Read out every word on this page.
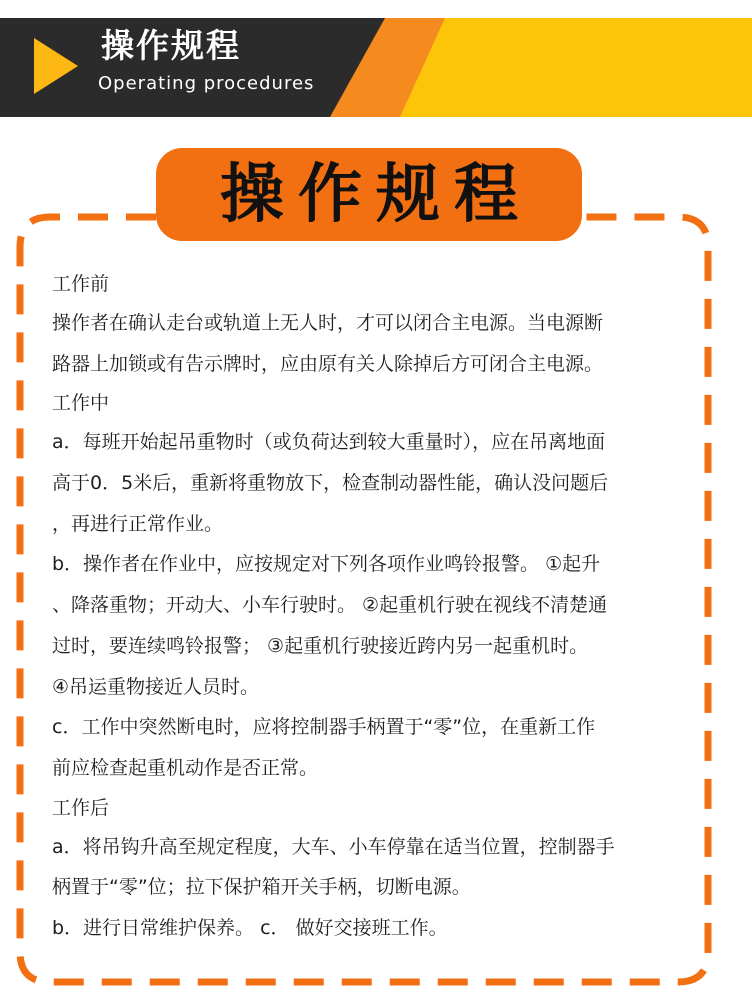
操作规程
Operating procedures
操作规程
工作前
操作者在确认走台或轨道上无人时，才可以闭合主电源。当电源断
路器上加锁或有告示牌时，应由原有关人除掉后方可闭合主电源。
工作中
a．每班开始起吊重物时（或负荷达到较大重量时），应在吊离地面
高于0．5米后，重新将重物放下，检查制动器性能，确认没问题后
，再进行正常作业。
b．操作者在作业中，应按规定对下列各项作业鸣铃报警。 ①起升
、降落重物；开动大、小车行驶时。 ②起重机行驶在视线不清楚通
过时，要连续鸣铃报警； ③起重机行驶接近跨内另一起重机时。
④吊运重物接近人员时。
c．工作中突然断电时，应将控制器手柄置于“零”位，在重新工作
前应检查起重机动作是否正常。
工作后
a．将吊钩升高至规定程度，大车、小车停靠在适当位置，控制器手
柄置于“零”位；拉下保护箱开关手柄，切断电源。
b．进行日常维护保养。 c． 做好交接班工作。
